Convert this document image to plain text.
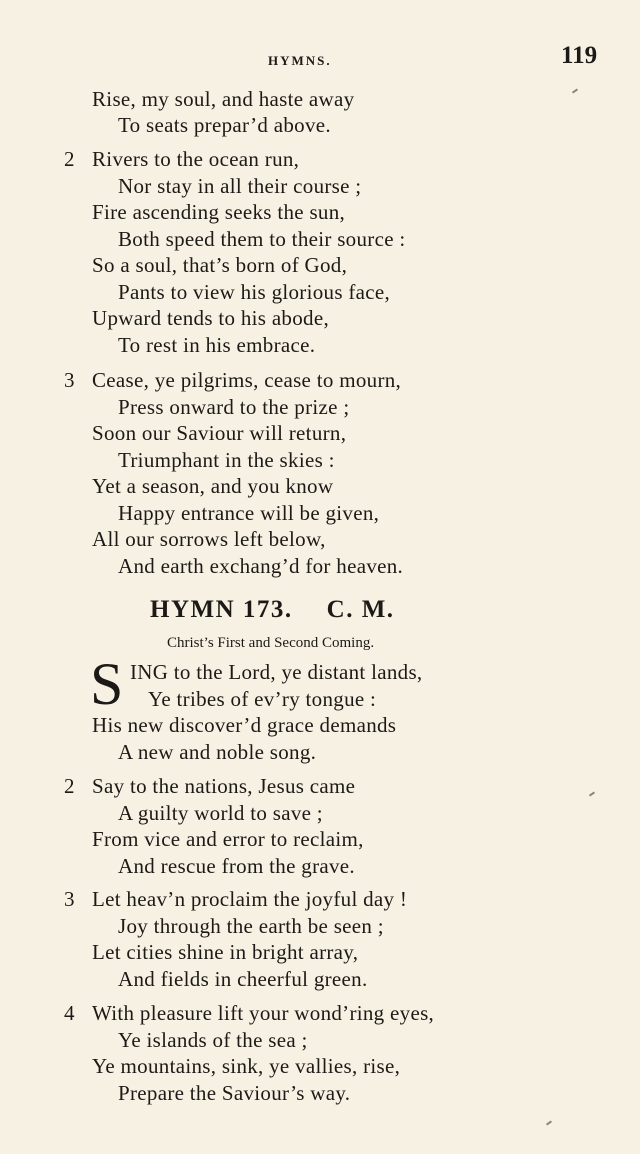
HYMNS.	119
Rise, my soul, and haste away
To seats prepar’d above.
2 Rivers to the ocean run,
Nor stay in all their course ;
Fire ascending seeks the sun,
Both speed them to their source :
So a soul, that’s born of God,
Pants to view his glorious face,
Upward tends to his abode,
To rest in his embrace.
3 Cease, ye pilgrims, cease to mourn,
Press onward to the prize ;
Soon our Saviour will return,
Triumphant in the skies :
Yet a season, and you know
Happy entrance will be given,
All our sorrows left below,
And earth exchang’d for heaven.
HYMN 173. C. M.
Christ’s First and Second Coming.
S ING to the Lord, ye distant lands,
Ye tribes of ev’ry tongue :
His new discover’d grace demands
A new and noble song.
2 Say to the nations, Jesus came
A guilty world to save ;
From vice and error to reclaim,
And rescue from the grave.
3 Let heav’n proclaim the joyful day !
Joy through the earth be seen ;
Let cities shine in bright array,
And fields in cheerful green.
4 With pleasure lift your wond’ring eyes,
Ye islands of the sea ;
Ye mountains, sink, ye vallies, rise,
Prepare the Saviour’s way.
